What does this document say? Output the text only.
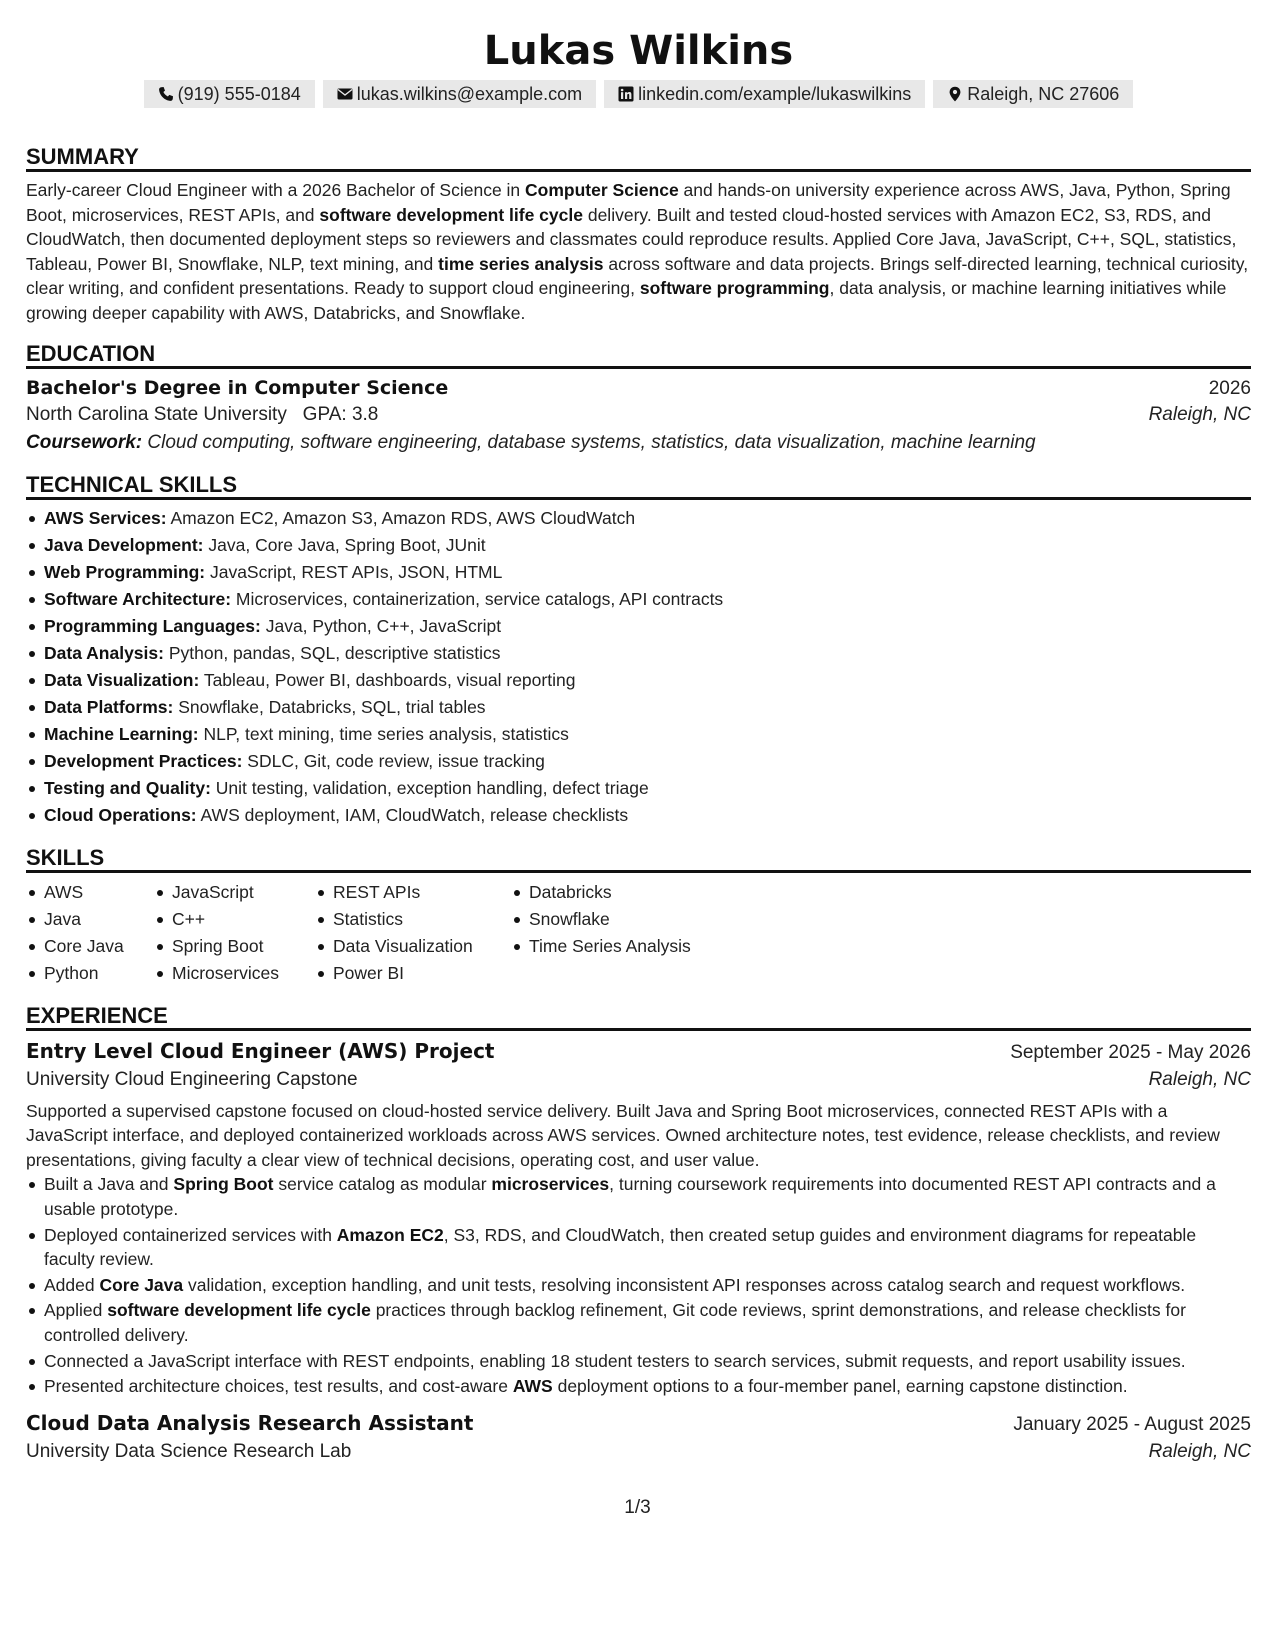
Lukas Wilkins
(919) 555-0184	lukas.wilkins@example.com	linkedin.com/example/lukaswilkins	Raleigh, NC 27606
SUMMARY

Early-career Cloud Engineer with a 2026 Bachelor of Science in Computer Science and hands-on university experience across AWS, Java, Python, Spring Boot, microservices, REST APIs, and software development life cycle delivery. Built and tested cloud-hosted services with Amazon EC2, S3, RDS, and CloudWatch, then documented deployment steps so reviewers and classmates could reproduce results. Applied Core Java, JavaScript, C++, SQL, statistics, Tableau, Power BI, Snowflake, NLP, text mining, and time series analysis across software and data projects. Brings self-directed learning, technical curiosity, clear writing, and confident presentations. Ready to support cloud engineering, software programming, data analysis, or machine learning initiatives while growing deeper capability with AWS, Databricks, and Snowflake.

EDUCATION
Bachelor's Degree in Computer Science	2026
North Carolina State University GPA: 3.8	Raleigh, NC
Coursework: Cloud computing, software engineering, database systems, statistics, data visualization, machine learning
TECHNICAL SKILLS
AWS Services: Amazon EC2, Amazon S3, Amazon RDS, AWS CloudWatch
Java Development: Java, Core Java, Spring Boot, JUnit
Web Programming: JavaScript, REST APIs, JSON, HTML
Software Architecture: Microservices, containerization, service catalogs, API contracts
Programming Languages: Java, Python, C++, JavaScript
Data Analysis: Python, pandas, SQL, descriptive statistics
Data Visualization: Tableau, Power BI, dashboards, visual reporting
Data Platforms: Snowflake, Databricks, SQL, trial tables
Machine Learning: NLP, text mining, time series analysis, statistics
Development Practices: SDLC, Git, code review, issue tracking
Testing and Quality: Unit testing, validation, exception handling, defect triage
Cloud Operations: AWS deployment, IAM, CloudWatch, release checklists
SKILLS
AWS
Java
Core Java
Python
JavaScript
C++
Spring Boot
Microservices
REST APIs
Statistics
Data Visualization
Power BI
Databricks
Snowflake
Time Series Analysis
EXPERIENCE
Entry Level Cloud Engineer (AWS) Project	September 2025 - May 2026
University Cloud Engineering Capstone	Raleigh, NC

Supported a supervised capstone focused on cloud-hosted service delivery. Built Java and Spring Boot microservices, connected REST APIs with a JavaScript interface, and deployed containerized workloads across AWS services. Owned architecture notes, test evidence, release checklists, and review presentations, giving faculty a clear view of technical decisions, operating cost, and user value.

Built a Java and Spring Boot service catalog as modular microservices, turning coursework requirements into documented REST API contracts and a usable prototype.
Deployed containerized services with Amazon EC2, S3, RDS, and CloudWatch, then created setup guides and environment diagrams for repeatable faculty review.
Added Core Java validation, exception handling, and unit tests, resolving inconsistent API responses across catalog search and request workflows.
Applied software development life cycle practices through backlog refinement, Git code reviews, sprint demonstrations, and release checklists for controlled delivery.
Connected a JavaScript interface with REST endpoints, enabling 18 student testers to search services, submit requests, and report usability issues.
Presented architecture choices, test results, and cost-aware AWS deployment options to a four-member panel, earning capstone distinction.
Cloud Data Analysis Research Assistant	January 2025 - August 2025
University Data Science Research Lab	Raleigh, NC
1/3
